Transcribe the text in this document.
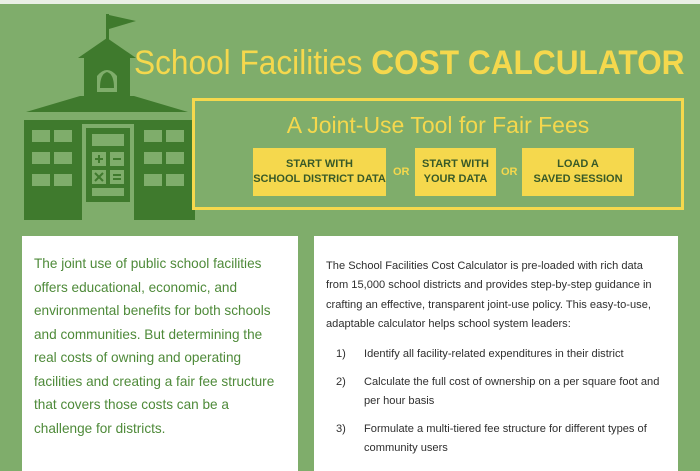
School Facilities COST CALCULATOR
A Joint-Use Tool for Fair Fees
START WITH
SCHOOL DISTRICT DATA
OR
START WITH
YOUR DATA
OR
LOAD A
SAVED SESSION

The joint use of public school facilities offers educational, economic, and environmental benefits for both schools and communities. But determining the real costs of owning and operating facilities and creating a fair fee structure that covers those costs can be a challenge for districts.

The School Facilities Cost Calculator is pre-loaded with rich data from 15,000 school districts and provides step-by-step guidance in crafting an effective, transparent joint-use policy. This easy-to-use, adaptable calculator helps school system leaders:

1)	Identify all facility-related expenditures in their district
2)	Calculate the full cost of ownership on a per square foot and per hour basis
3)	Formulate a multi-tiered fee structure for different types of community users
